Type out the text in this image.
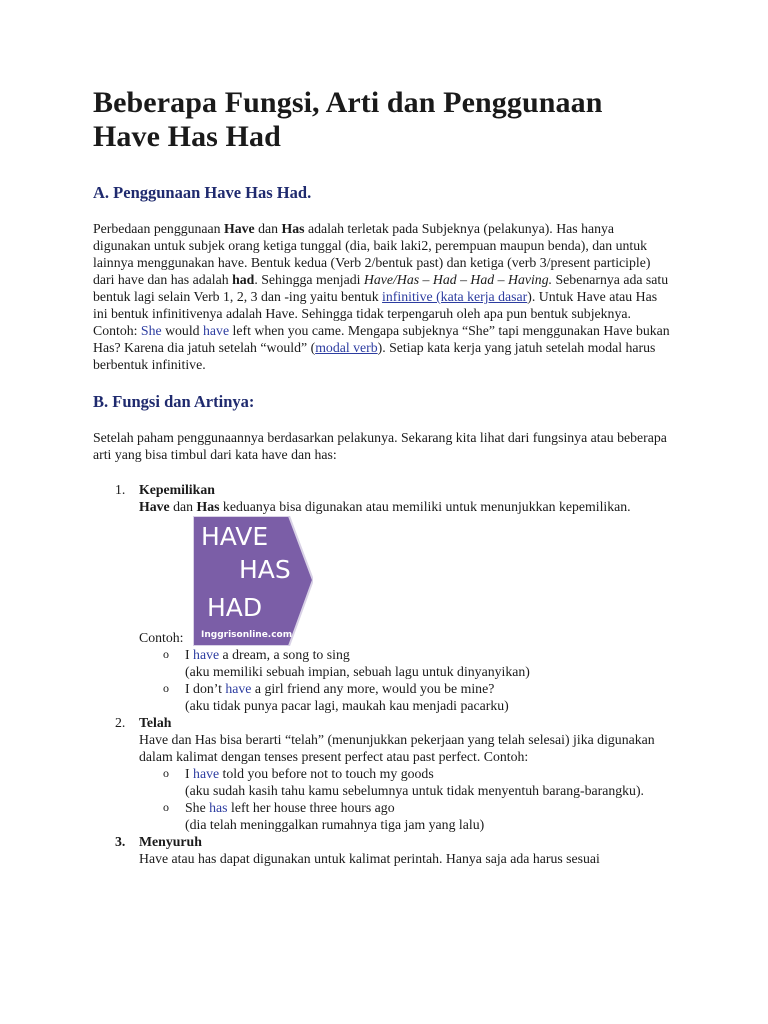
Beberapa Fungsi, Arti dan Penggunaan
Have Has Had
A. Penggunaan Have Has Had.

Perbedaan penggunaan Have dan Has adalah terletak pada Subjeknya (pelakunya). Has hanya digunakan untuk subjek orang ketiga tunggal (dia, baik laki2, perempuan maupun benda), dan untuk lainnya menggunakan have. Bentuk kedua (Verb 2/bentuk past) dan ketiga (verb 3/present participle) dari have dan has adalah had. Sehingga menjadi Have/Has – Had – Had – Having. Sebenarnya ada satu bentuk lagi selain Verb 1, 2, 3 dan -ing yaitu bentuk infinitive (kata kerja dasar). Untuk Have atau Has ini bentuk infinitivenya adalah Have. Sehingga tidak terpengaruh oleh apa pun bentuk subjeknya.

Contoh: She would have left when you came. Mengapa subjeknya “She” tapi menggunakan Have bukan Has? Karena dia jatuh setelah “would” (modal verb). Setiap kata kerja yang jatuh setelah modal harus berbentuk infinitive.

B. Fungsi dan Artinya:

Setelah paham penggunaannya berdasarkan pelakunya. Sekarang kita lihat dari fungsinya atau beberapa arti yang bisa timbul dari kata have dan has:

1. Kepemilikan
Have dan Has keduanya bisa digunakan atau memiliki untuk menunjukkan kepemilikan.
Contoh:
HAVE
HAS
HAD
Inggrisonline.com
o I have a dream, a song to sing
(aku memiliki sebuah impian, sebuah lagu untuk dinyanyikan)
o I don’t have a girl friend any more, would you be mine?
(aku tidak punya pacar lagi, maukah kau menjadi pacarku)
2. Telah
Have dan Has bisa berarti “telah” (menunjukkan pekerjaan yang telah selesai) jika digunakan dalam kalimat dengan tenses present perfect atau past perfect. Contoh:
o I have told you before not to touch my goods
(aku sudah kasih tahu kamu sebelumnya untuk tidak menyentuh barang-barangku).
o She has left her house three hours ago
(dia telah meninggalkan rumahnya tiga jam yang lalu)
3. Menyuruh
Have atau has dapat digunakan untuk kalimat perintah. Hanya saja ada harus sesuai
